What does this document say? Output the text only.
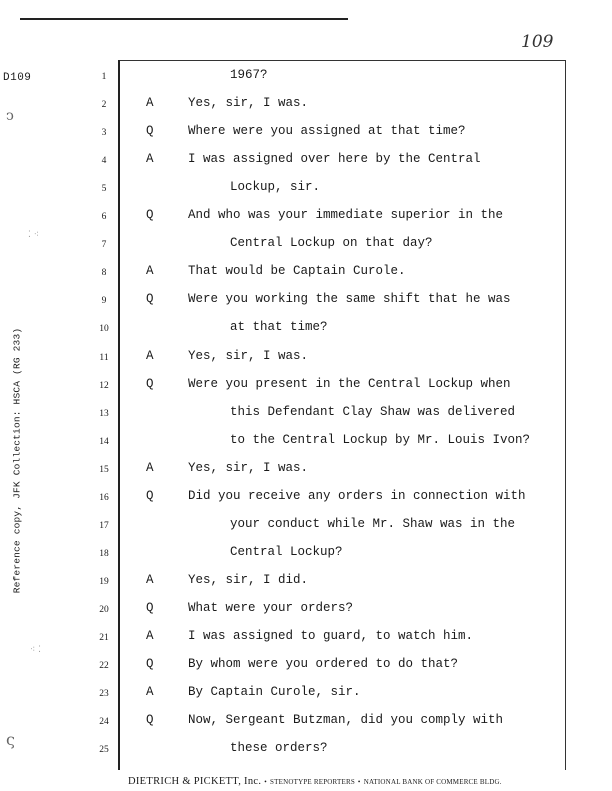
109
D109
Reference copy, JFK Collection: HSCA (RG 233)
ↄ
⁚ ⁖
⁖ ⁚
ς
1	1967?
2	A	Yes, sir, I was.
3	Q	Where were you assigned at that time?
4	A	I was assigned over here by the Central
5	Lockup, sir.
6	Q	And who was your immediate superior in the
7	Central Lockup on that day?
8	A	That would be Captain Curole.
9	Q	Were you working the same shift that he was
10	at that time?
11	A	Yes, sir, I was.
12	Q	Were you present in the Central Lockup when
13	this Defendant Clay Shaw was delivered
14	to the Central Lockup by Mr. Louis Ivon?
15	A	Yes, sir, I was.
16	Q	Did you receive any orders in connection with
17	your conduct while Mr. Shaw was in the
18	Central Lockup?
19	A	Yes, sir, I did.
20	Q	What were your orders?
21	A	I was assigned to guard, to watch him.
22	Q	By whom were you ordered to do that?
23	A	By Captain Curole, sir.
24	Q	Now, Sergeant Butzman, did you comply with
25	these orders?
DIETRICH & PICKETT, Inc. • STENOTYPE REPORTERS • NATIONAL BANK OF COMMERCE BLDG.
